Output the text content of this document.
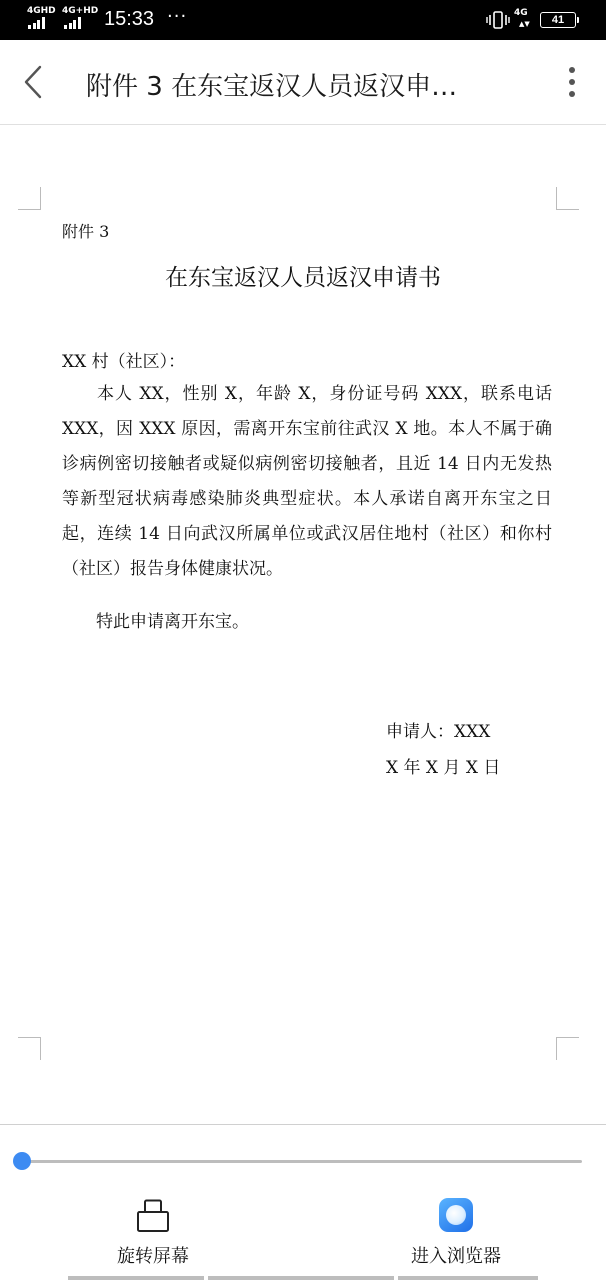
4GHD 4G+HD 15:33 ···	4G
▲▼ 41
附件 3 在东宝返汉人员返汉申…
附件 3
在东宝返汉人员返汉申请书
XX 村（社区）：

本人 XX，性别 X，年龄 X，身份证号码 XXX，联系电话 XXX，因 XXX 原因，需离开东宝前往武汉 X 地。本人不属于确诊病例密切接触者或疑似病例密切接触者，且近 14 日内无发热等新型冠状病毒感染肺炎典型症状。本人承诺自离开东宝之日起，连续 14 日向武汉所属单位或武汉居住地村（社区）和你村（社区）报告身体健康状况。

特此申请离开东宝。

申请人：XXX
X 年 X 月 X 日
旋转屏幕	进入浏览器
